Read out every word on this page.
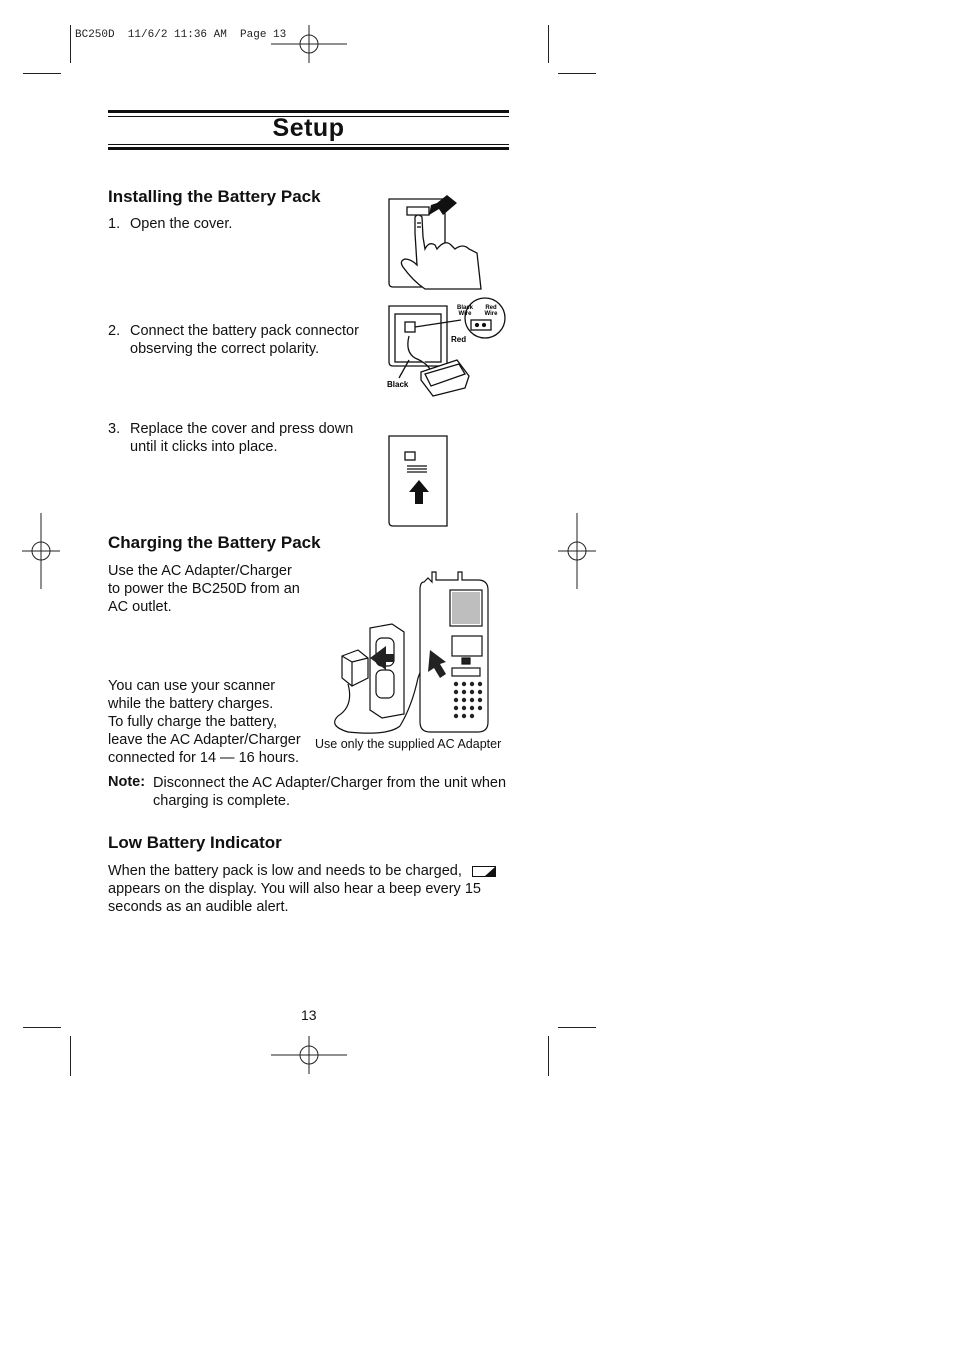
BC250D  11/6/2 11:36 AM  Page 13
Setup
Installing the Battery Pack
1. Open the cover.
2. Connect the battery pack connector
observing the correct polarity.
3. Replace the cover and press down
until it clicks into place.
Black
Wire
Red
Wire
Red
Black
Charging the Battery Pack
Use the AC Adapter/Charger
to power the BC250D from an
AC outlet.
You can use your scanner
while the battery charges.
To fully charge the battery,
leave the AC Adapter/Charger
connected for 14 — 16 hours.
Use only the supplied AC Adapter
Note: Disconnect the AC Adapter/Charger from the unit when
charging is complete.
Low Battery Indicator
When the battery pack is low and needs to be charged,
appears on the display. You will also hear a beep every 15
seconds as an audible alert.
13
